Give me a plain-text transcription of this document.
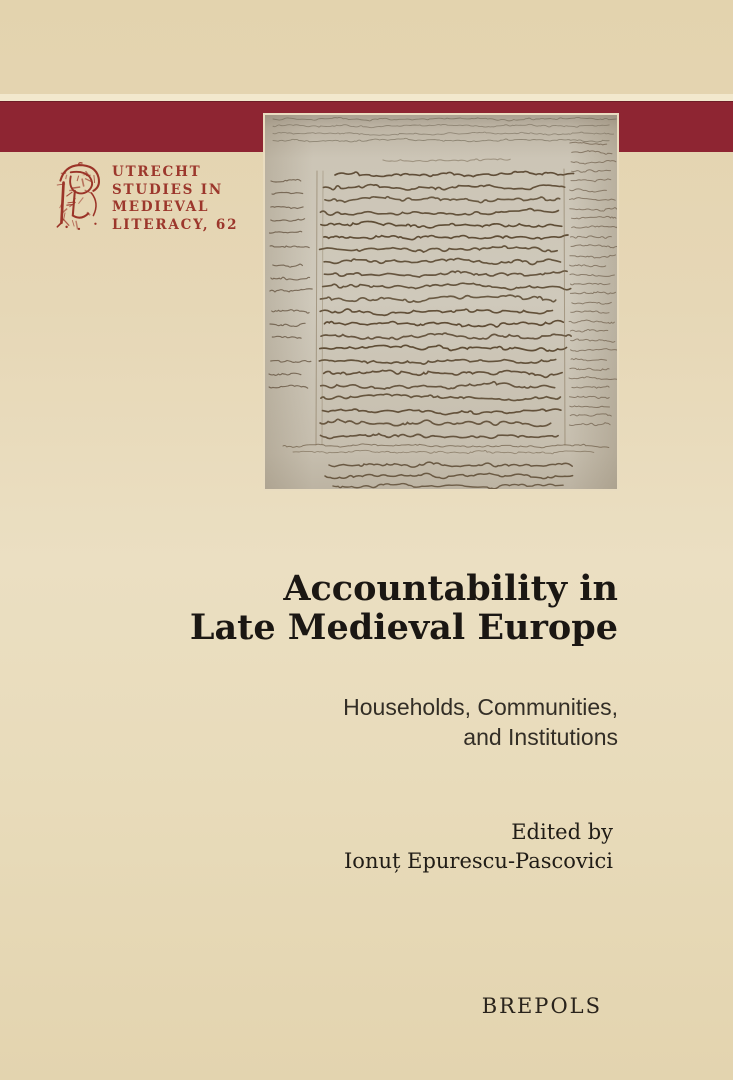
UTRECHT
STUDIES IN
MEDIEVAL
LITERACY, 62
Accountability in
Late Medieval Europe
Households, Communities,
and Institutions
Edited by
Ionuț Epurescu-Pascovici
BREPOLS
